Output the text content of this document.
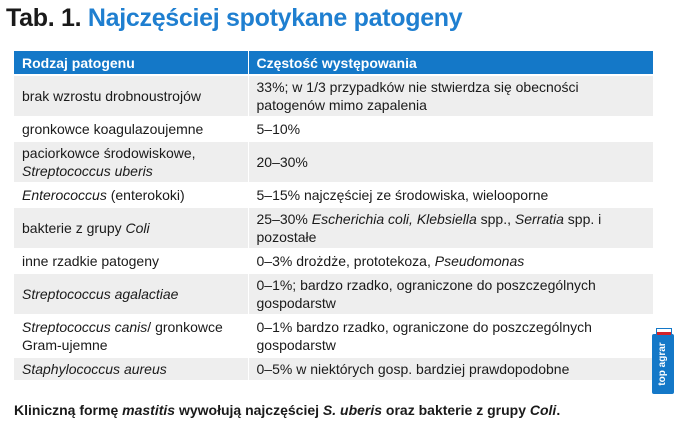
Tab. 1. Najczęściej spotykane patogeny
Rodzaj patogenu	Częstość występowania
brak wzrostu drobnoustrojów	33%; w 1/3 przypadków nie stwierdza się obecności patogenów mimo zapalenia
gronkowce koagulazoujemne	5–10%
paciorkowce środowiskowe, Streptococcus uberis	20–30%
Enterococcus (enterokoki)	5–15% najczęściej ze środowiska, wielooporne
bakterie z grupy Coli	25–30% Escherichia coli, Klebsiella spp., Serratia spp. i pozostałe
inne rzadkie patogeny	0–3% drożdże, prototekoza, Pseudomonas
Streptococcus agalactiae	0–1%; bardzo rzadko, ograniczone do poszczególnych gospodarstw
Streptococcus canis/ gronkowce Gram-ujemne	0–1% bardzo rzadko, ograniczone do poszczególnych gospodarstw
Staphylococcus aureus	0–5% w niektórych gosp. bardziej prawdopodobne
Kliniczną formę mastitis wywołują najczęściej S. uberis oraz bakterie z grupy Coli.
top agrar
